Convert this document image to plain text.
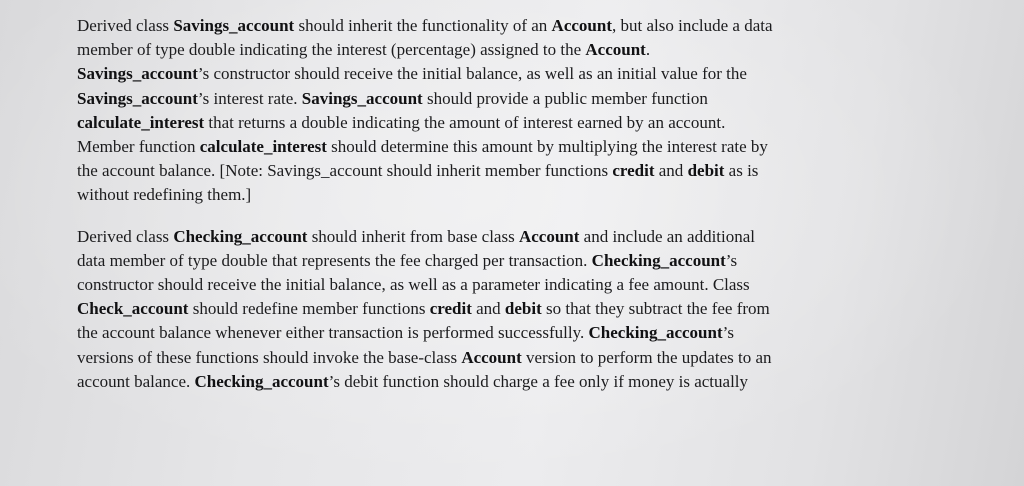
Derived class Savings_account should inherit the functionality of an Account, but also include a data
member of type double indicating the interest (percentage) assigned to the Account.
Savings_account’s constructor should receive the initial balance, as well as an initial value for the
Savings_account’s interest rate. Savings_account should provide a public member function
calculate_interest that returns a double indicating the amount of interest earned by an account.
Member function calculate_interest should determine this amount by multiplying the interest rate by
the account balance. [Note: Savings_account should inherit member functions credit and debit as is
without redefining them.]

Derived class Checking_account should inherit from base class Account and include an additional
data member of type double that represents the fee charged per transaction. Checking_account’s
constructor should receive the initial balance, as well as a parameter indicating a fee amount. Class
Check_account should redefine member functions credit and debit so that they subtract the fee from
the account balance whenever either transaction is performed successfully. Checking_account’s
versions of these functions should invoke the base-class Account version to perform the updates to an
account balance. Checking_account’s debit function should charge a fee only if money is actually
